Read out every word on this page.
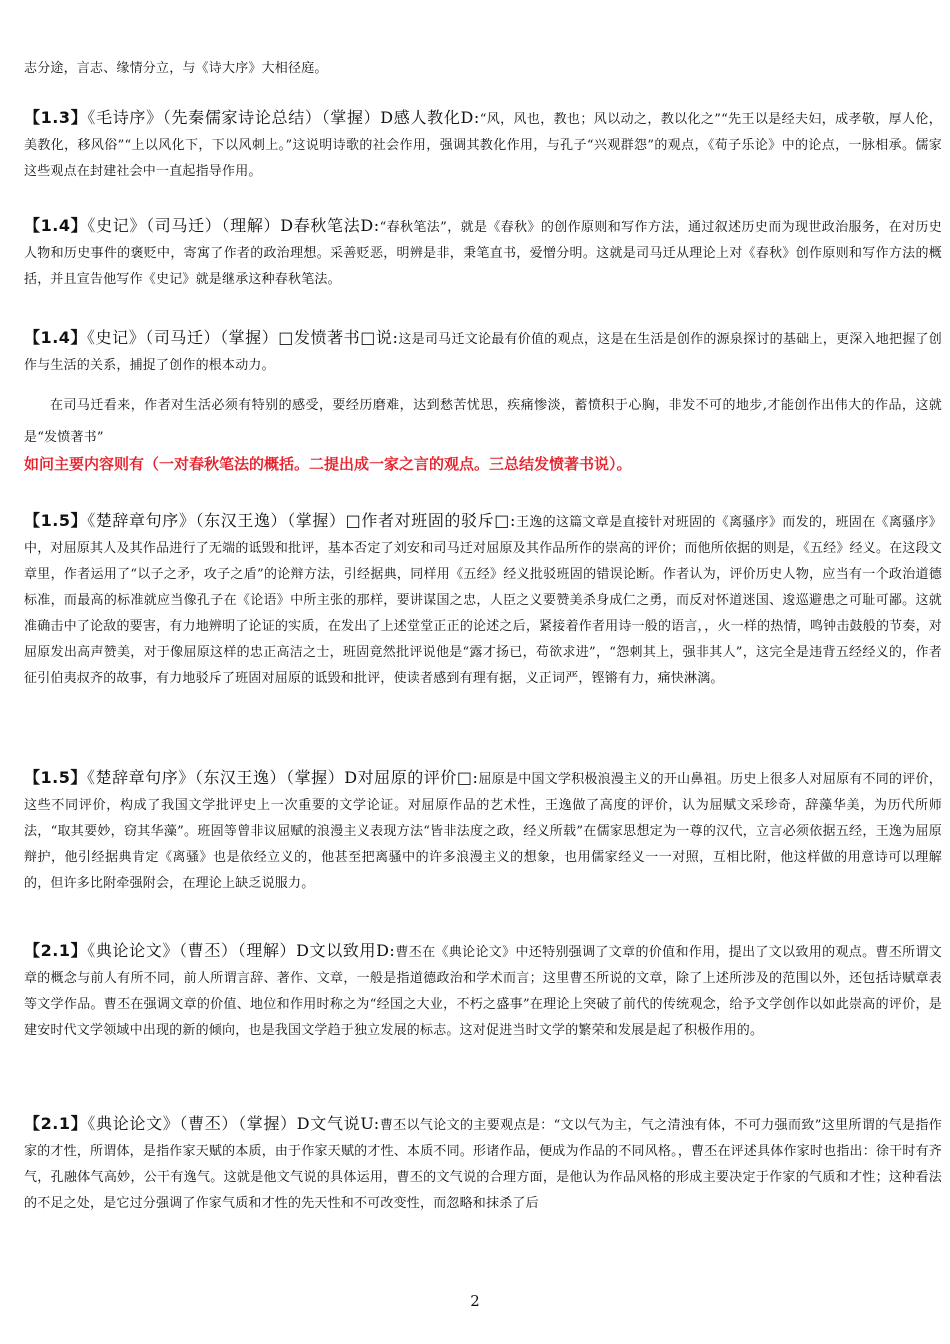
志分途，言志、缘情分立，与《诗大序》大相径庭。
【1.3】《毛诗序》（先秦儒家诗论总结）（掌握）D感人教化D:“风，风也，教也；风以动之，教以化之”“先王以是经夫妇，成孝敬，厚人伦，美教化，移风俗”“上以风化下，下以风刺上。”这说明诗歌的社会作用，强调其教化作用，与孔子“兴观群怨”的观点，《荀子乐论》中的论点，一脉相承。儒家这些观点在封建社会中一直起指导作用。
【1.4】《史记》（司马迁）（理解）D春秋笔法D:“春秋笔法”，就是《春秋》的创作原则和写作方法，通过叙述历史而为现世政治服务，在对历史人物和历史事件的褒贬中，寄寓了作者的政治理想。采善贬恶，明辨是非，秉笔直书，爱憎分明。这就是司马迁从理论上对《春秋》创作原则和写作方法的概括，并且宣告他写作《史记》就是继承这种春秋笔法。
【1.4】《史记》（司马迁）（掌握）□发愤著书□说:这是司马迁文论最有价值的观点，这是在生活是创作的源泉探讨的基础上，更深入地把握了创作与生活的关系，捕捉了创作的根本动力。
在司马迁看来，作者对生活必须有特别的感受，要经历磨难，达到愁苦忧思，疾痛惨淡，蓄愤积于心胸，非发不可的地步,才能创作出伟大的作品，这就是“发愤著书”
如问主要内容则有（一对春秋笔法的概括。二提出成一家之言的观点。三总结发愤著书说）。
【1.5】《楚辞章句序》（东汉王逸）（掌握）□作者对班固的驳斥□:王逸的这篇文章是直接针对班固的《离骚序》而发的，班固在《离骚序》中，对屈原其人及其作品进行了无端的诋毁和批评，基本否定了刘安和司马迁对屈原及其作品所作的崇高的评价；而他所依据的则是，《五经》经义。在这段文章里，作者运用了“以子之矛，攻子之盾”的论辩方法，引经据典，同样用《五经》经义批驳班固的错误论断。作者认为，评价历史人物，应当有一个政治道德标准，而最高的标准就应当像孔子在《论语》中所主张的那样，要讲谋国之忠，人臣之义要赞美杀身成仁之勇，而反对怀道迷国、逡巡避患之可耻可鄙。这就准确击中了论敌的要害，有力地辨明了论证的实质，在发出了上述堂堂正正的论述之后，紧接着作者用诗一般的语言，，火一样的热情，鸣钟击鼓般的节奏，对屈原发出高声赞美，对于像屈原这样的忠正高洁之士，班固竟然批评说他是“露才扬已，苟欲求进”，“怨刺其上，强非其人”，这完全是违背五经经义的，作者征引伯夷叔齐的故事，有力地驳斥了班固对屈原的诋毁和批评，使读者感到有理有据，义正词严，铿锵有力，痛快淋漓。
【1.5】《楚辞章句序》（东汉王逸）（掌握）D对屈原的评价□:屈原是中国文学积极浪漫主义的开山鼻祖。历史上很多人对屈原有不同的评价，这些不同评价，构成了我国文学批评史上一次重要的文学论证。对屈原作品的艺术性，王逸做了高度的评价，认为屈赋文采珍奇，辞藻华美，为历代所师法，“取其要妙，窃其华藻”。班固等曾非议屈赋的浪漫主义表现方法“皆非法度之政，经义所载”在儒家思想定为一尊的汉代，立言必须依据五经，王逸为屈原辩护，他引经据典肯定《离骚》也是依经立义的，他甚至把离骚中的许多浪漫主义的想象，也用儒家经义一一对照，互相比附，他这样做的用意诗可以理解的，但许多比附牵强附会，在理论上缺乏说服力。
【2.1】《典论论文》（曹丕）（理解）D文以致用D:曹丕在《典论论文》中还特别强调了文章的价值和作用，提出了文以致用的观点。曹丕所谓文章的概念与前人有所不同，前人所谓言辞、著作、文章，一般是指道德政治和学术而言；这里曹丕所说的文章，除了上述所涉及的范围以外，还包括诗赋章表等文学作品。曹丕在强调文章的价值、地位和作用时称之为“经国之大业，不朽之盛事”在理论上突破了前代的传统观念，给予文学创作以如此崇高的评价，是建安时代文学领域中出现的新的倾向，也是我国文学趋于独立发展的标志。这对促进当时文学的繁荣和发展是起了积极作用的。
【2.1】《典论论文》（曹丕）（掌握）D文气说U:曹丕以气论文的主要观点是：“文以气为主，气之清浊有体，不可力强而致”这里所谓的气是指作家的才性，所谓体，是指作家天赋的本质，由于作家天赋的才性、本质不同。形诸作品，便成为作品的不同风格。，曹丕在评述具体作家时也指出：徐干时有齐气，孔融体气高妙，公干有逸气。这就是他文气说的具体运用，曹丕的文气说的合理方面，是他认为作品风格的形成主要决定于作家的气质和才性；这种看法的不足之处，是它过分强调了作家气质和才性的先天性和不可改变性，而忽略和抹杀了后
2
